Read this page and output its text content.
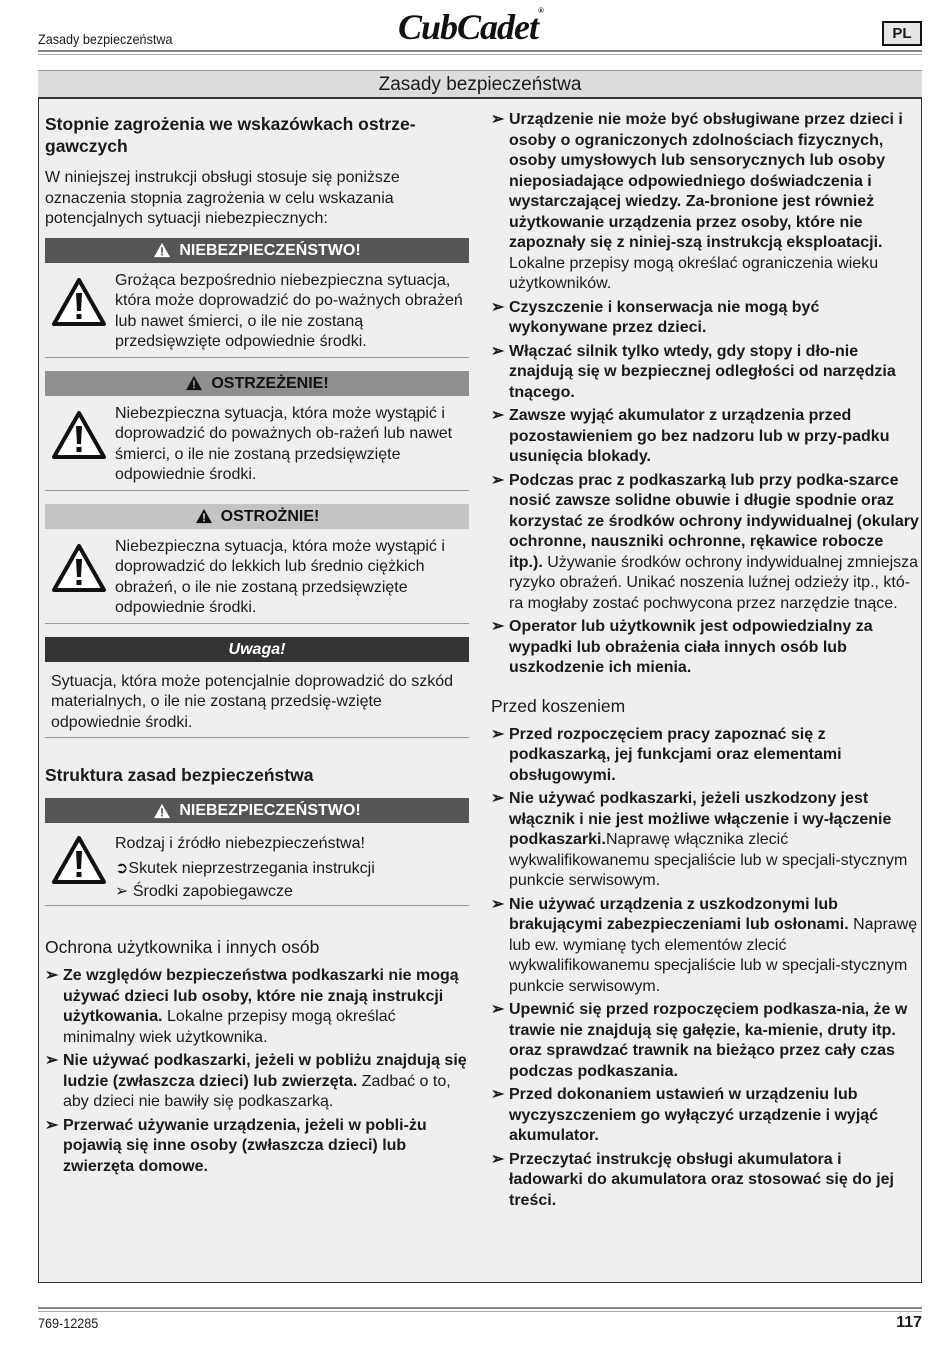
Zasady bezpieczeństwa	CubCadet®
PL
Zasady bezpieczeństwa
Stopnie zagrożenia we wskazówkach ostrze-gawczych

W niniejszej instrukcji obsługi stosuje się poniższe oznaczenia stopnia zagrożenia w celu wskazania potencjalnych sytuacji niebezpiecznych:

NIEBEZPIECZEŃSTWO!
Grożąca bezpośrednio niebezpieczna sytuacja, która może doprowadzić do po-ważnych obrażeń lub nawet śmierci, o ile nie zostaną przedsięwzięte odpowiednie środki.
OSTRZEŻENIE!
Niebezpieczna sytuacja, która może wystąpić i doprowadzić do poważnych ob-rażeń lub nawet śmierci, o ile nie zostaną przedsięwzięte odpowiednie środki.
OSTROŻNIE!
Niebezpieczna sytuacja, która może wystąpić i doprowadzić do lekkich lub średnio ciężkich obrażeń, o ile nie zostaną przedsięwzięte odpowiednie środki.
Uwaga!
Sytuacja, która może potencjalnie doprowadzić do szkód materialnych, o ile nie zostaną przedsię-wzięte odpowiednie środki.
Struktura zasad bezpieczeństwa
NIEBEZPIECZEŃSTWO!
Rodzaj i źródło niebezpieczeństwa!
➲Skutek nieprzestrzegania instrukcji
➢ Środki zapobiegawcze
Ochrona użytkownika i innych osób
➢ Ze względów bezpieczeństwa podkaszarki nie mogą używać dzieci lub osoby, które nie znają instrukcji użytkowania. Lokalne przepisy mogą określać minimalny wiek użytkownika.
➢ Nie używać podkaszarki, jeżeli w pobliżu znajdują się ludzie (zwłaszcza dzieci) lub zwierzęta. Zadbać o to, aby dzieci nie bawiły się podkaszarką.
➢ Przerwać używanie urządzenia, jeżeli w pobli-żu pojawią się inne osoby (zwłaszcza dzieci) lub zwierzęta domowe.
➢ Urządzenie nie może być obsługiwane przez dzieci i osoby o ograniczonych zdolnościach fizycznych, osoby umysłowych lub sensorycznych lub osoby nieposiadające odpowiedniego doświadczenia i wystarczającej wiedzy. Za-bronione jest również użytkowanie urządzenia przez osoby, które nie zapoznały się z niniej-szą instrukcją eksploatacji. Lokalne przepisy mogą określać ograniczenia wieku użytkowników.
➢ Czyszczenie i konserwacja nie mogą być wykonywane przez dzieci.
➢ Włączać silnik tylko wtedy, gdy stopy i dło-nie znajdują się w bezpiecznej odległości od narzędzia tnącego.
➢ Zawsze wyjąć akumulator z urządzenia przed pozostawieniem go bez nadzoru lub w przy-padku usunięcia blokady.
➢ Podczas prac z podkaszarką lub przy podka-szarce nosić zawsze solidne obuwie i długie spodnie oraz korzystać ze środków ochrony indywidualnej (okulary ochronne, nauszniki ochronne, rękawice robocze itp.). Używanie środków ochrony indywidualnej zmniejsza ryzyko obrażeń. Unikać noszenia luźnej odzieży itp., któ-ra mogłaby zostać pochwycona przez narzędzie tnące.
➢ Operator lub użytkownik jest odpowiedzialny za wypadki lub obrażenia ciała innych osób lub uszkodzenie ich mienia.
Przed koszeniem
➢ Przed rozpoczęciem pracy zapoznać się z podkaszarką, jej funkcjami oraz elementami obsługowymi.
➢ Nie używać podkaszarki, jeżeli uszkodzony jest włącznik i nie jest możliwe włączenie i wy-łączenie podkaszarki.Naprawę włącznika zlecić wykwalifikowanemu specjaliście lub w specjali-stycznym punkcie serwisowym.
➢ Nie używać urządzenia z uszkodzonymi lub brakującymi zabezpieczeniami lub osłonami. Naprawę lub ew. wymianę tych elementów zlecić wykwalifikowanemu specjaliście lub w specjali-stycznym punkcie serwisowym.
➢ Upewnić się przed rozpoczęciem podkasza-nia, że w trawie nie znajdują się gałęzie, ka-mienie, druty itp. oraz sprawdzać trawnik na bieżąco przez cały czas podczas podkaszania.
➢ Przed dokonaniem ustawień w urządzeniu lub wyczyszczeniem go wyłączyć urządzenie i wyjąć akumulator.
➢ Przeczytać instrukcję obsługi akumulatora i ładowarki do akumulatora oraz stosować się do jej treści.
769-12285	117
